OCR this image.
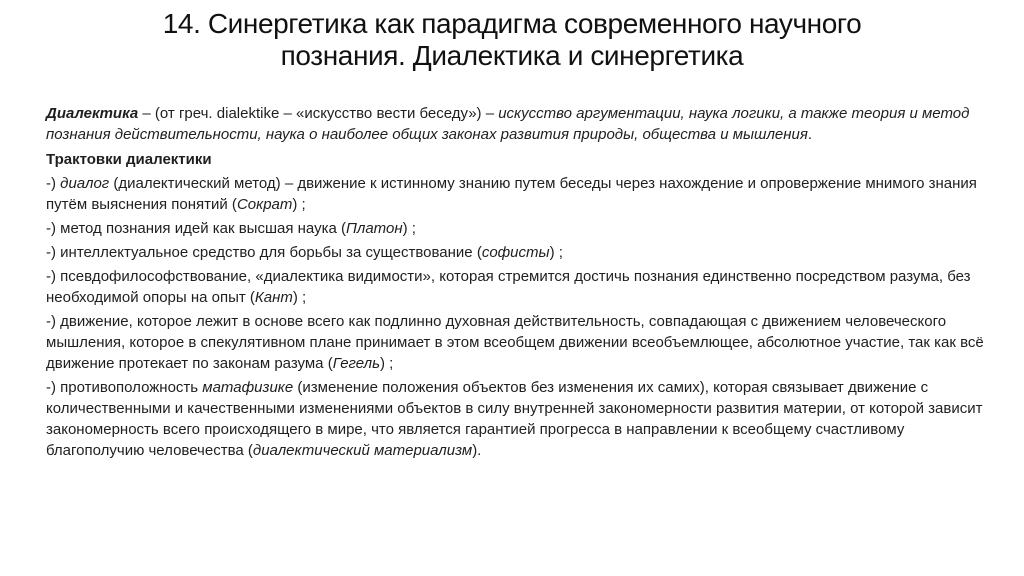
14. Синергетика как парадигма современного научного
познания. Диалектика и синергетика

Диалектика – (от греч. dialektike – «искусство вести беседу») – искусство аргументации, наука логики, а также теория и метод познания действительности, наука о наиболее общих законах развития природы, общества и мышления.

Трактовки диалектики

-) диалог (диалектический метод) – движение к истинному знанию путем беседы через нахождение и опровержение мнимого знания путём выяснения понятий (Сократ) ;

-) метод познания идей как высшая наука (Платон) ;

-) интеллектуальное средство для борьбы за существование (софисты) ;

-) псевдофилософствование, «диалектика видимости», которая стремится достичь познания единственно посредством разума, без необходимой опоры на опыт (Кант) ;

-) движение, которое лежит в основе всего как подлинно духовная действительность, совпадающая с движением человеческого мышления, которое в спекулятивном плане принимает в этом всеобщем движении всеобъемлющее, абсолютное участие, так как всё движение протекает по законам разума (Гегель) ;

-) противоположность матафизике (изменение положения объектов без изменения их самих), которая связывает движение с количественными и качественными изменениями объектов в силу внутренней закономерности развития материи, от которой зависит закономерность всего происходящего в мире, что является гарантией прогресса в направлении к всеобщему счастливому благополучию человечества (диалектический материализм).
